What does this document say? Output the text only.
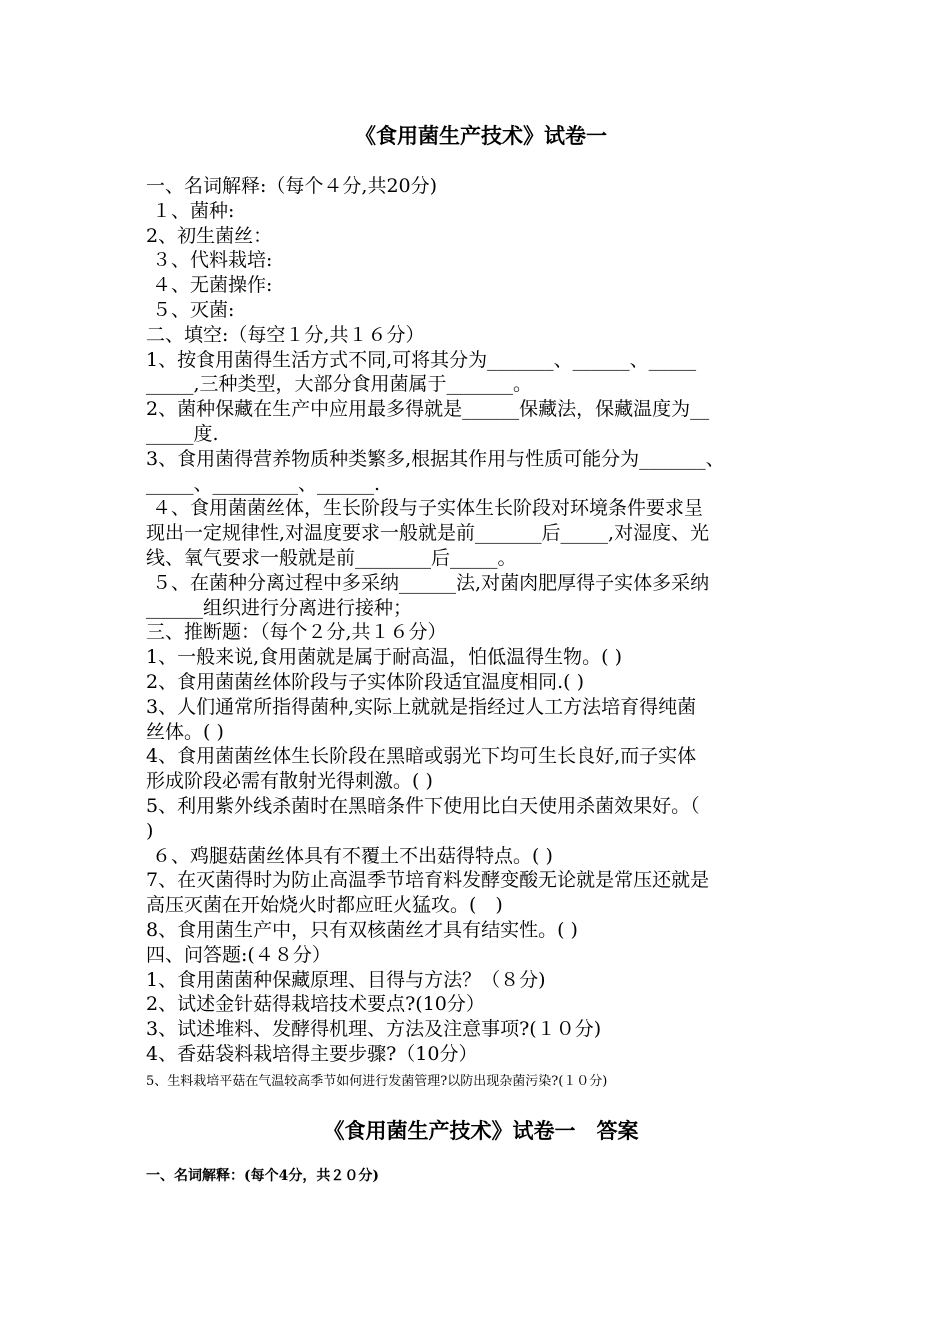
《食用菌生产技术》试卷一

一、名词解释:（每个４分,共20分)

１、菌种:

2、初生菌丝：

３、代料栽培:

４、无菌操作:

５、灭菌:

二、填空:（每空１分,共１６分）

1、按食用菌得生活方式不同,可将其分为_______、______、_____

_____,三种类型，大部分食用菌属于_______。

2、菌种保藏在生产中应用最多得就是______保藏法，保藏温度为__

_____度.

3、食用菌得营养物质种类繁多,根据其作用与性质可能分为_______、

_____、_________、______.

４、食用菌菌丝体，生长阶段与子实体生长阶段对环境条件要求呈

现出一定规律性,对温度要求一般就是前_______后_____,对湿度、光

线、氧气要求一般就是前________后_____。

５、在菌种分离过程中多采纳______法,对菌肉肥厚得子实体多采纳

______组织进行分离进行接种；

三、推断题：（每个２分,共１６分）

1、一般来说,食用菌就是属于耐高温，怕低温得生物。( )

2、食用菌菌丝体阶段与子实体阶段适宜温度相同.( )

3、人们通常所指得菌种,实际上就就是指经过人工方法培育得纯菌

丝体。( )

4、食用菌菌丝体生长阶段在黑暗或弱光下均可生长良好,而子实体

形成阶段必需有散射光得刺激。( )

5、利用紫外线杀菌时在黑暗条件下使用比白天使用杀菌效果好。（

)

６、鸡腿菇菌丝体具有不覆土不出菇得特点。( )

7、在灭菌得时为防止高温季节培育料发酵变酸无论就是常压还就是

高压灭菌在开始烧火时都应旺火猛攻。(　)

8、食用菌生产中，只有双核菌丝才具有结实性。( )

四、问答题:(４８分）

1、食用菌菌种保藏原理、目得与方法？（８分)

2、试述金针菇得栽培技术要点?(10分）

3、试述堆料、发酵得机理、方法及注意事项?(１０分)

4、香菇袋料栽培得主要步骤?（10分）

5、生料栽培平菇在气温较高季节如何进行发菌管理?以防出现杂菌污染?(１０分)
《食用菌生产技术》试卷一　答案
一、名词解释：(每个4分，共２０分)
